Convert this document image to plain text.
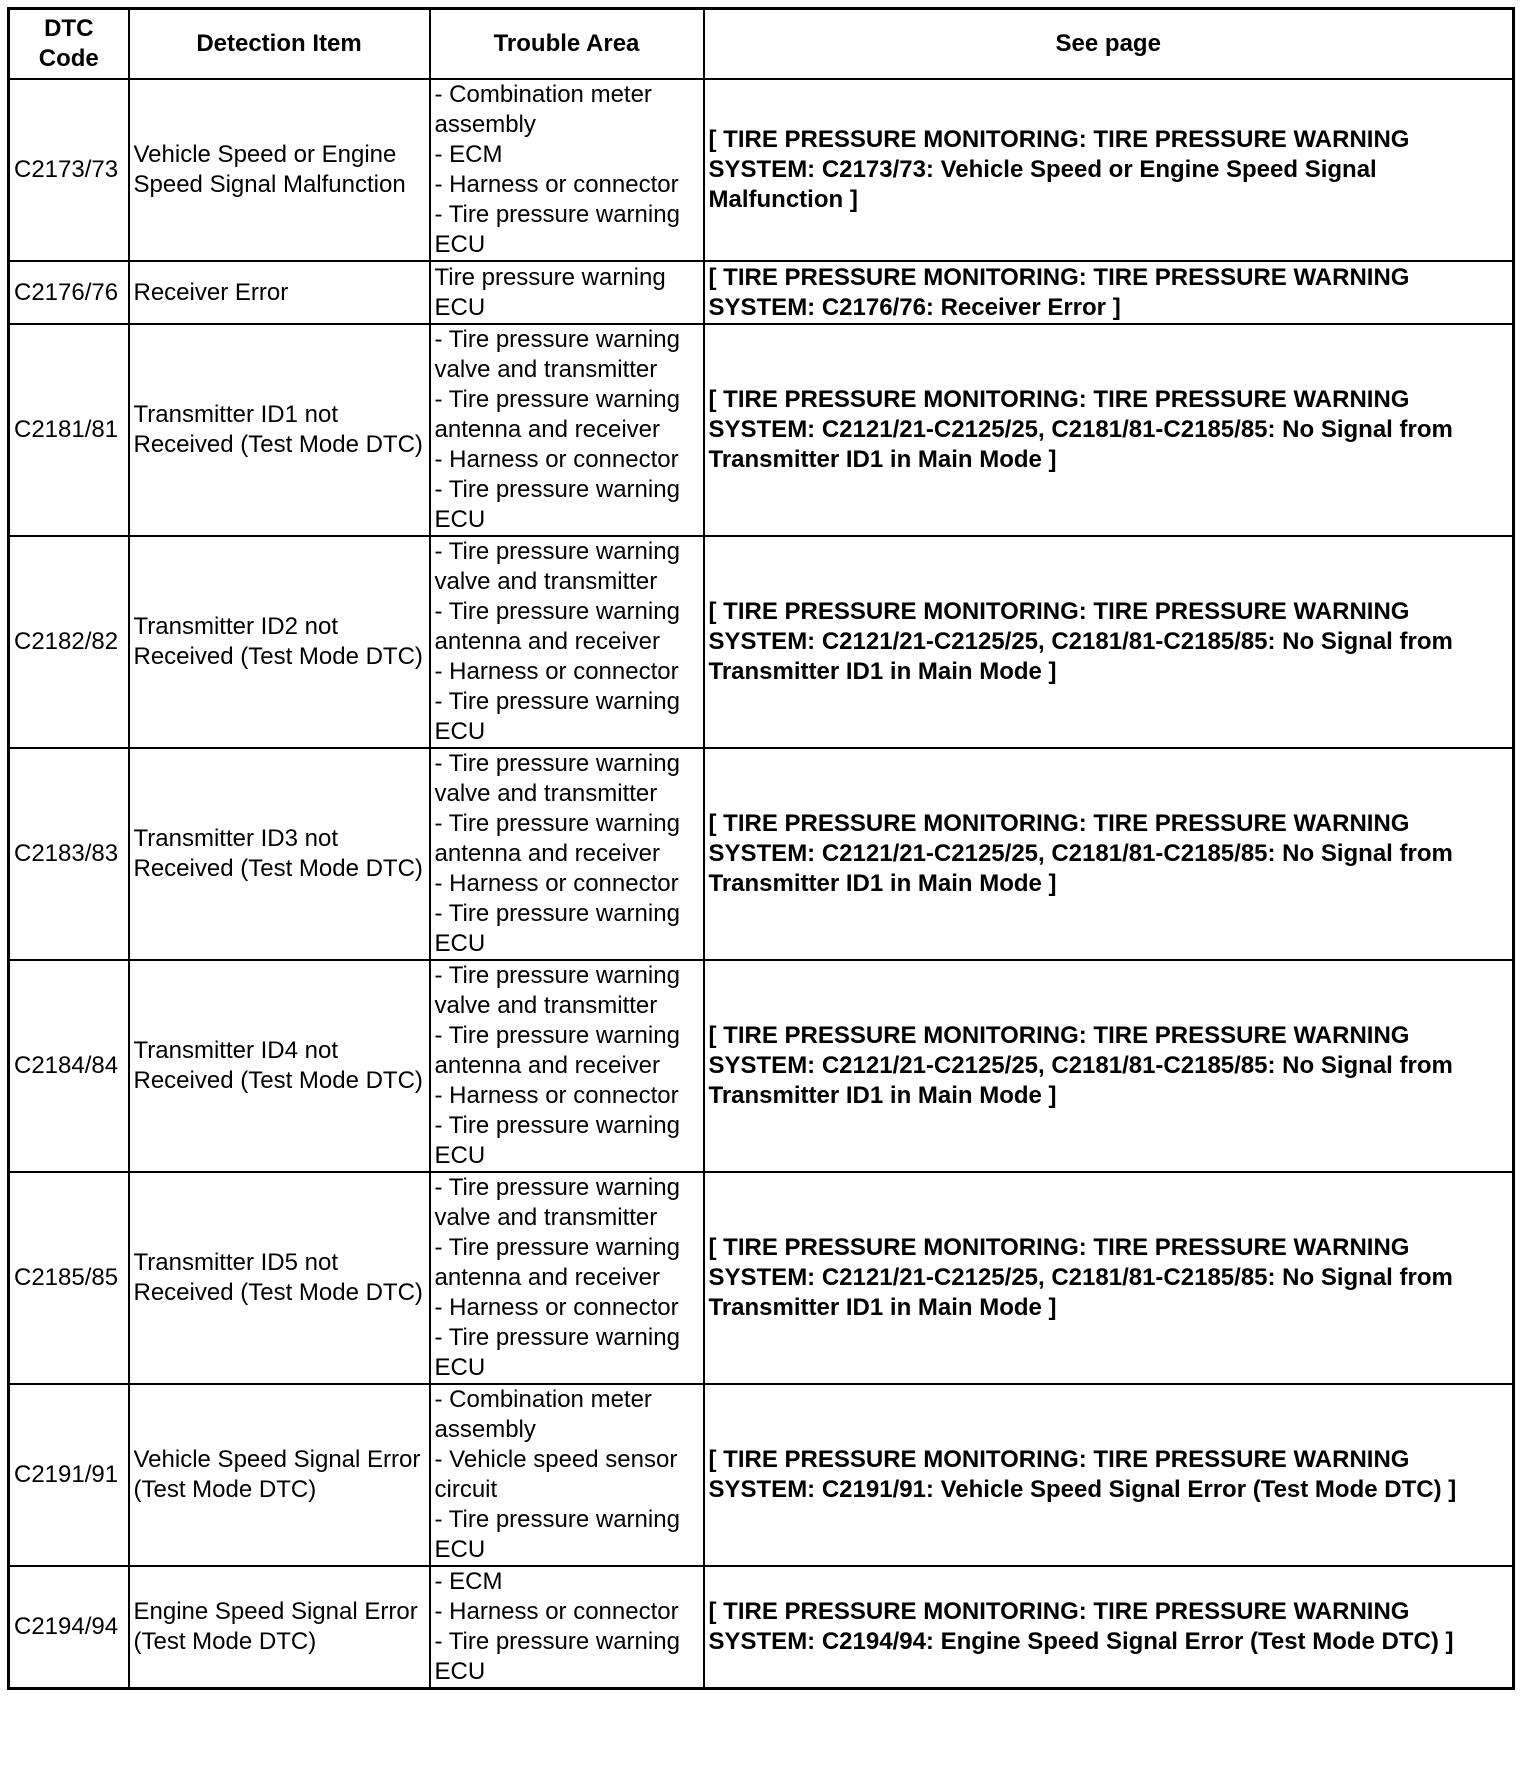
DTC Code	Detection Item	Trouble Area	See page
C2173/73	Vehicle Speed or Engine Speed Signal Malfunction	- Combination meter assembly
- ECM
- Harness or connector
- Tire pressure warning ECU	[ TIRE PRESSURE MONITORING: TIRE PRESSURE WARNING SYSTEM: C2173/73: Vehicle Speed or Engine Speed Signal Malfunction ]
C2176/76	Receiver Error	Tire pressure warning ECU	[ TIRE PRESSURE MONITORING: TIRE PRESSURE WARNING SYSTEM: C2176/76: Receiver Error ]
C2181/81	Transmitter ID1 not Received (Test Mode DTC)	- Tire pressure warning valve and transmitter
- Tire pressure warning antenna and receiver
- Harness or connector
- Tire pressure warning ECU	[ TIRE PRESSURE MONITORING: TIRE PRESSURE WARNING SYSTEM: C2121/21-C2125/25, C2181/81-C2185/85: No Signal from Transmitter ID1 in Main Mode ]
C2182/82	Transmitter ID2 not Received (Test Mode DTC)	- Tire pressure warning valve and transmitter
- Tire pressure warning antenna and receiver
- Harness or connector
- Tire pressure warning ECU	[ TIRE PRESSURE MONITORING: TIRE PRESSURE WARNING SYSTEM: C2121/21-C2125/25, C2181/81-C2185/85: No Signal from Transmitter ID1 in Main Mode ]
C2183/83	Transmitter ID3 not Received (Test Mode DTC)	- Tire pressure warning valve and transmitter
- Tire pressure warning antenna and receiver
- Harness or connector
- Tire pressure warning ECU	[ TIRE PRESSURE MONITORING: TIRE PRESSURE WARNING SYSTEM: C2121/21-C2125/25, C2181/81-C2185/85: No Signal from Transmitter ID1 in Main Mode ]
C2184/84	Transmitter ID4 not Received (Test Mode DTC)	- Tire pressure warning valve and transmitter
- Tire pressure warning antenna and receiver
- Harness or connector
- Tire pressure warning ECU	[ TIRE PRESSURE MONITORING: TIRE PRESSURE WARNING SYSTEM: C2121/21-C2125/25, C2181/81-C2185/85: No Signal from Transmitter ID1 in Main Mode ]
C2185/85	Transmitter ID5 not Received (Test Mode DTC)	- Tire pressure warning valve and transmitter
- Tire pressure warning antenna and receiver
- Harness or connector
- Tire pressure warning ECU	[ TIRE PRESSURE MONITORING: TIRE PRESSURE WARNING SYSTEM: C2121/21-C2125/25, C2181/81-C2185/85: No Signal from Transmitter ID1 in Main Mode ]
C2191/91	Vehicle Speed Signal Error (Test Mode DTC)	- Combination meter assembly
- Vehicle speed sensor circuit
- Tire pressure warning ECU	[ TIRE PRESSURE MONITORING: TIRE PRESSURE WARNING SYSTEM: C2191/91: Vehicle Speed Signal Error (Test Mode DTC) ]
C2194/94	Engine Speed Signal Error (Test Mode DTC)	- ECM
- Harness or connector
- Tire pressure warning ECU	[ TIRE PRESSURE MONITORING: TIRE PRESSURE WARNING SYSTEM: C2194/94: Engine Speed Signal Error (Test Mode DTC) ]
